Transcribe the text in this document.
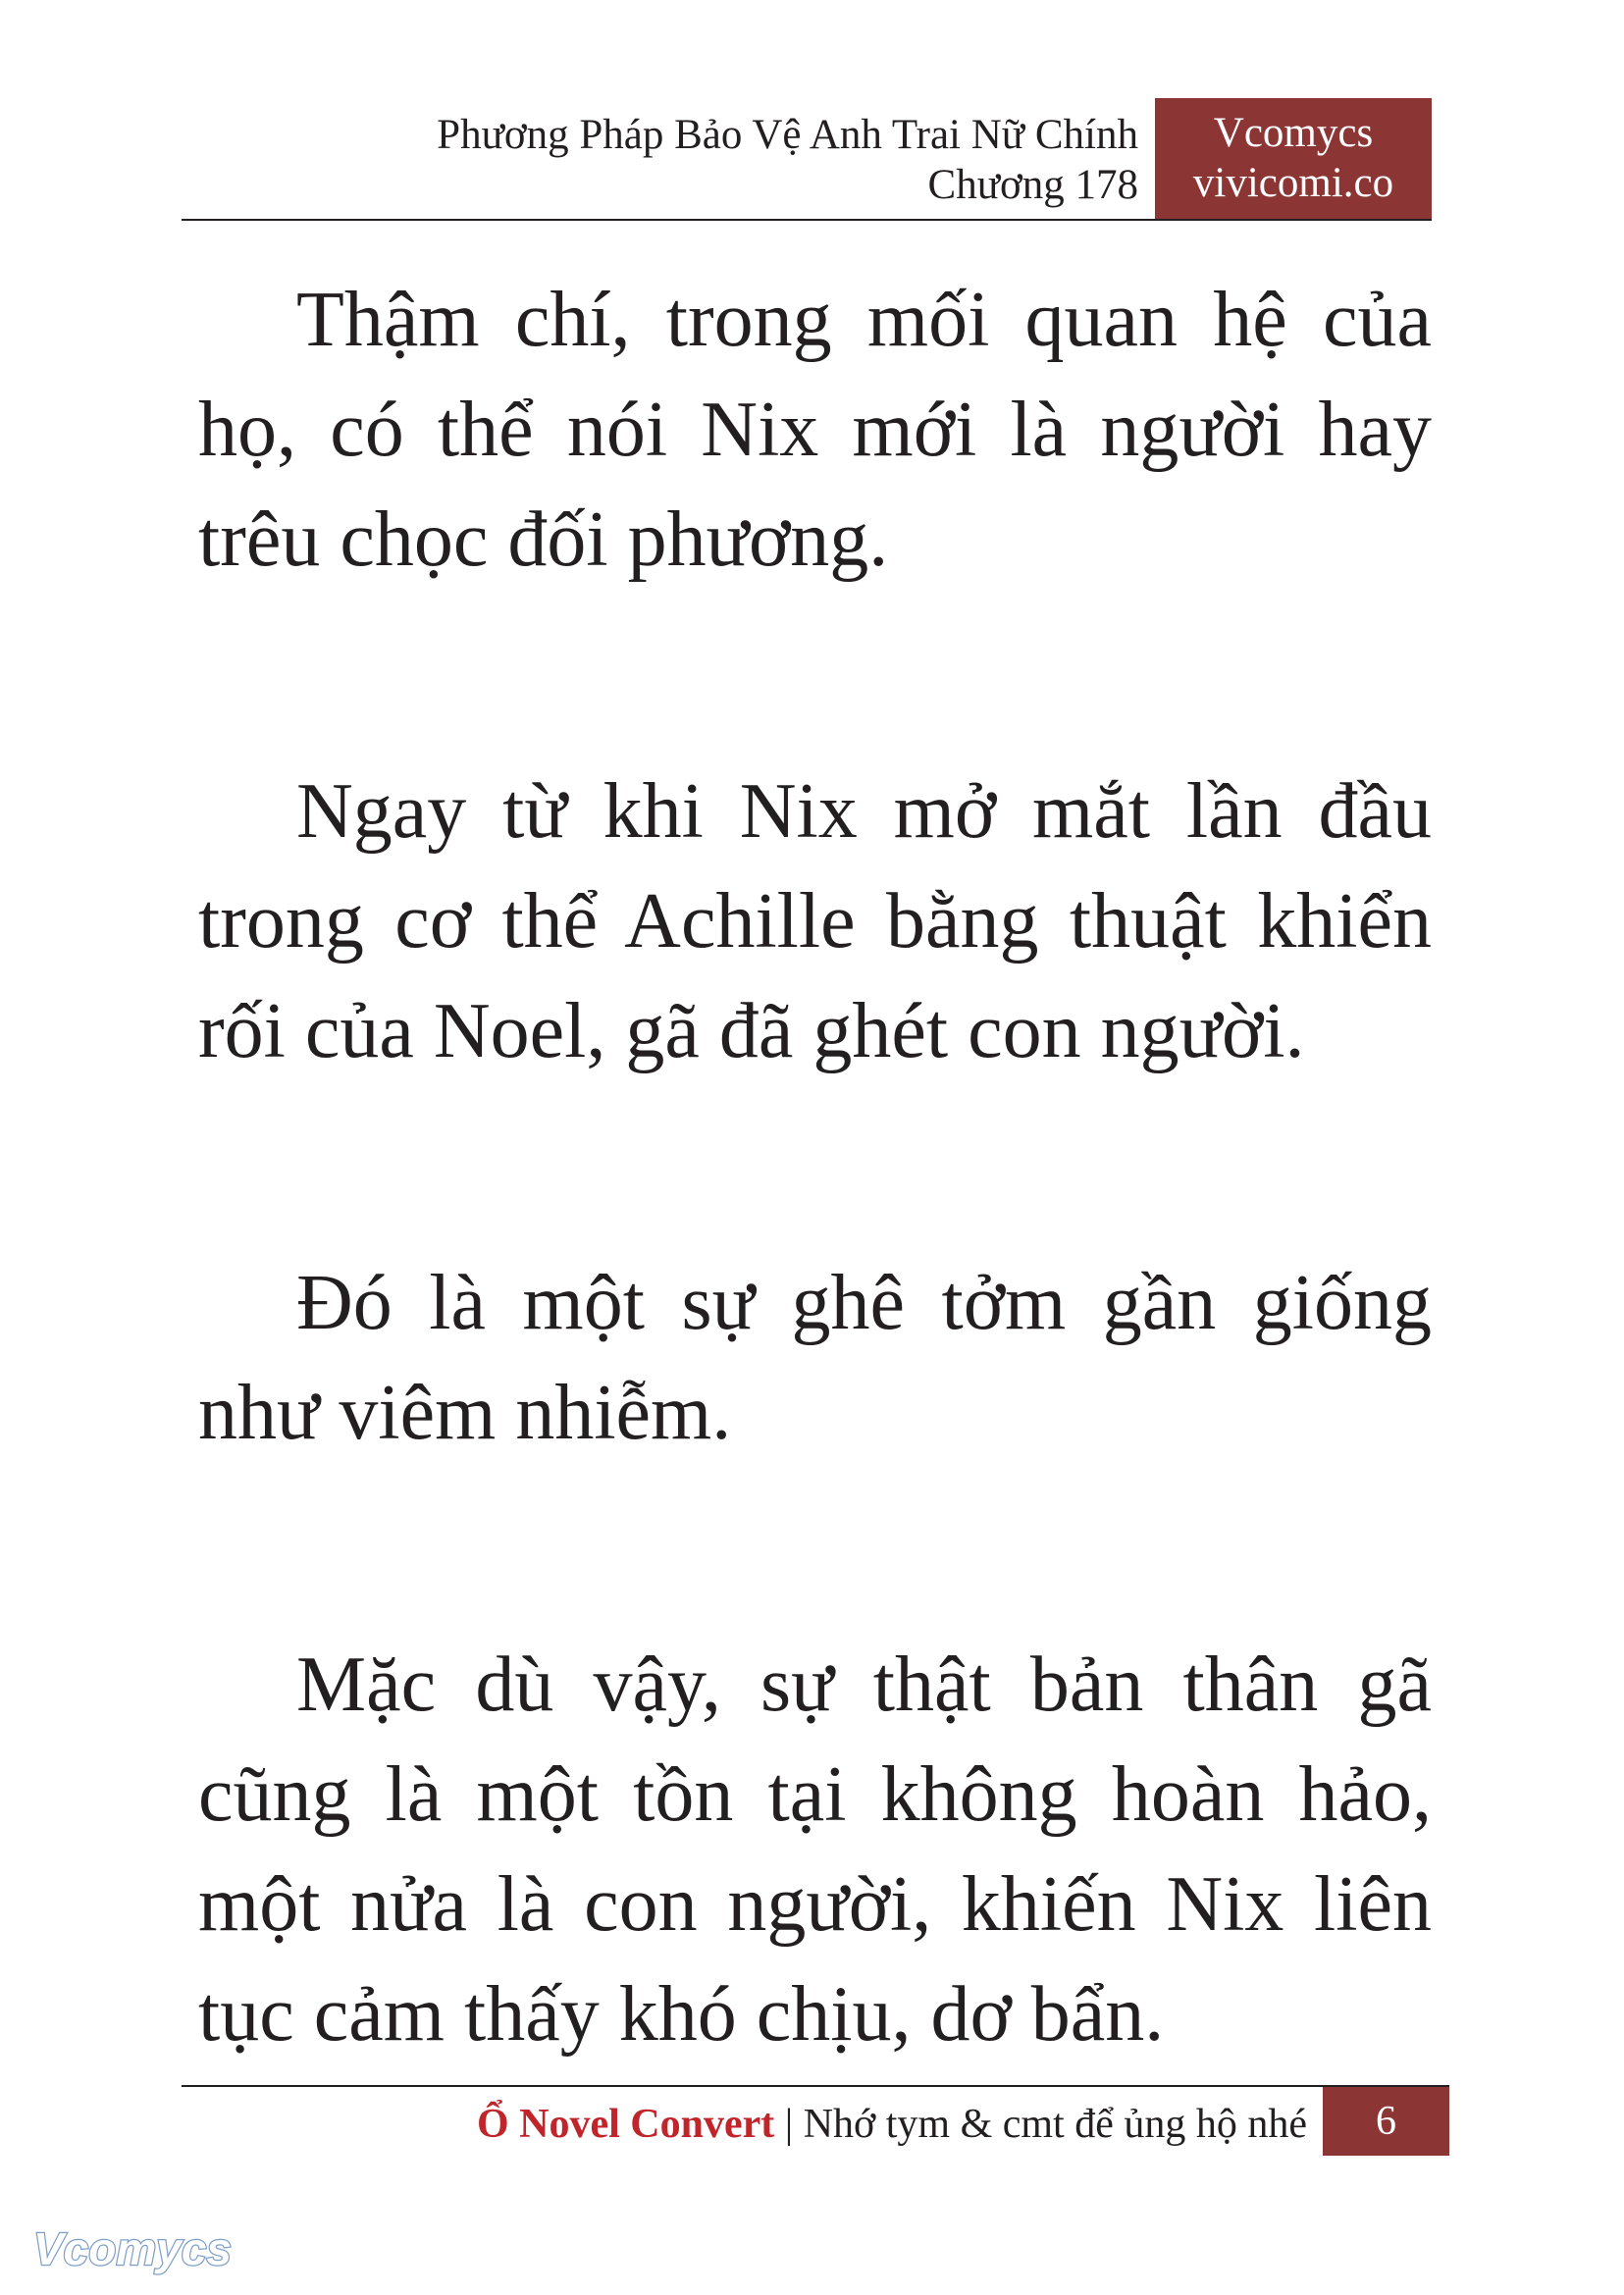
Phương Pháp Bảo Vệ Anh Trai Nữ Chính
Chương 178
Vcomycs
vivicomi.co
Thậm chí, trong mối quan hệ của
họ, có thể nói Nix mới là người hay
trêu chọc đối phương.
Ngay từ khi Nix mở mắt lần đầu
trong cơ thể Achille bằng thuật khiển
rối của Noel, gã đã ghét con người.
Đó là một sự ghê tởm gần giống
như viêm nhiễm.
Mặc dù vậy, sự thật bản thân gã
cũng là một tồn tại không hoàn hảo,
một nửa là con người, khiến Nix liên
tục cảm thấy khó chịu, dơ bẩn.
Ổ Novel Convert | Nhớ tym & cmt để ủng hộ nhé	6
Vcomycs
